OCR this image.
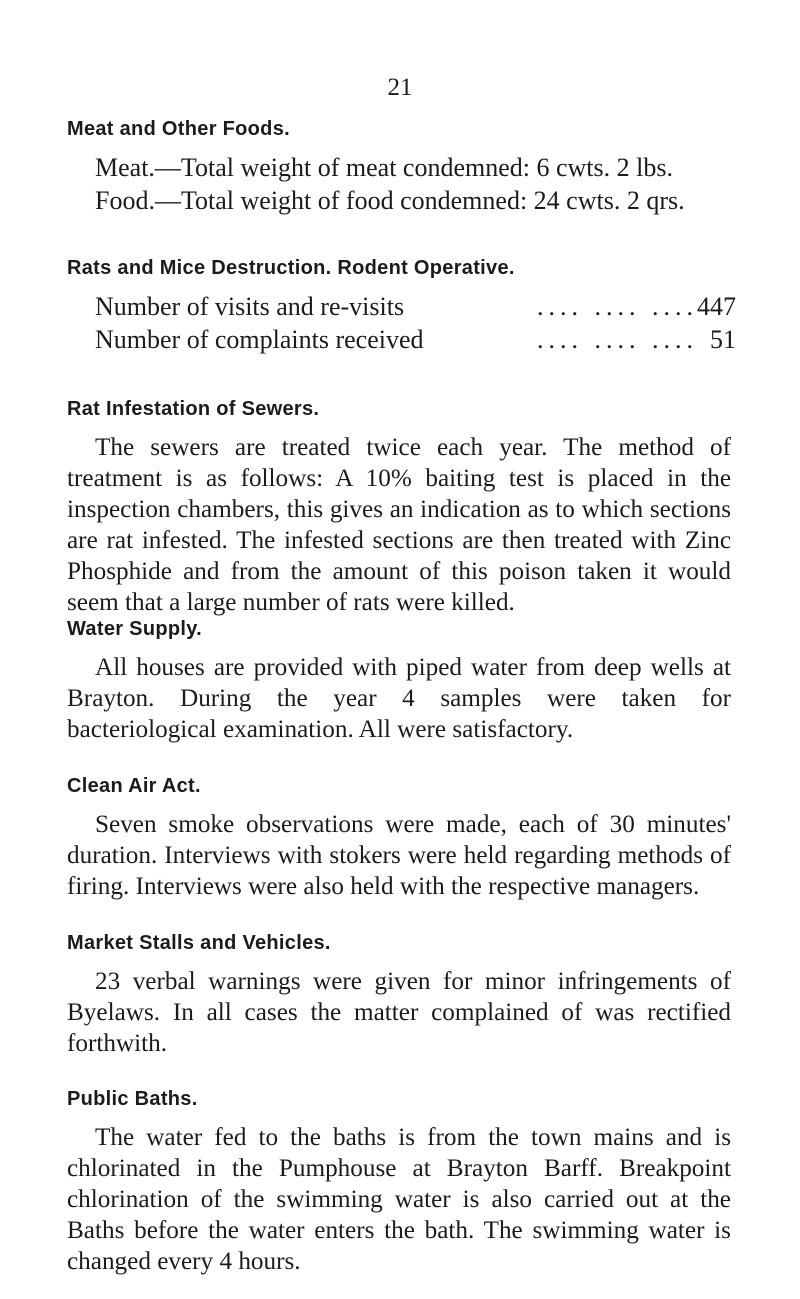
21
Meat and Other Foods.
Meat.—Total weight of meat condemned: 6 cwts. 2 lbs.
Food.—Total weight of food condemned: 24 cwts. 2 qrs.
Rats and Mice Destruction. Rodent Operative.
Number of visits and re-visits	.... .... .... 447
Number of complaints received	.... .... .... 51
Rat Infestation of Sewers.

The sewers are treated twice each year. The method of treatment is as follows: A 10% baiting test is placed in the inspection chambers, this gives an indication as to which sections are rat infested. The infested sections are then treated with Zinc Phosphide and from the amount of this poison taken it would seem that a large number of rats were killed.

Water Supply.

All houses are provided with piped water from deep wells at Brayton. During the year 4 samples were taken for bacteriological examination. All were satisfactory.

Clean Air Act.

Seven smoke observations were made, each of 30 minutes' duration. Interviews with stokers were held regarding methods of firing. Interviews were also held with the respective managers.

Market Stalls and Vehicles.

23 verbal warnings were given for minor infringements of Byelaws. In all cases the matter complained of was rectified forthwith.

Public Baths.

The water fed to the baths is from the town mains and is chlorinated in the Pumphouse at Brayton Barff. Breakpoint chlorination of the swimming water is also carried out at the Baths before the water enters the bath. The swimming water is changed every 4 hours.
